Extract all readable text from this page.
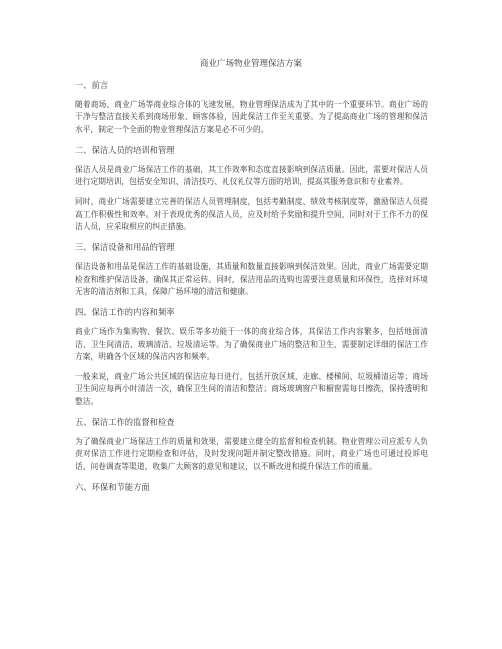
商业广场物业管理保洁方案

一、前言

随着商场、商业广场等商业综合体的飞速发展，物业管理保洁成为了其中的一个重要环节。商业广场的干净与整洁直接关系到商场形象、顾客体验，因此保洁工作至关重要。为了提高商业广场的管理和保洁水平，制定一个全面的物业管理保洁方案是必不可少的。

二、保洁人员的培训和管理

保洁人员是商业广场保洁工作的基础，其工作效率和态度直接影响到保洁质量。因此，需要对保洁人员进行定期培训，包括安全知识、清洁技巧、礼仪礼仪等方面的培训，提高其服务意识和专业素养。

同时，商业广场需要建立完善的保洁人员管理制度，包括考勤制度、绩效考核制度等，激励保洁人员提高工作积极性和效率。对于表现优秀的保洁人员，应及时给予奖励和提升空间，同时对于工作不力的保洁人员，应采取相应的纠正措施。

三、保洁设备和用品的管理

保洁设备和用品是保洁工作的基础设施，其质量和数量直接影响到保洁效果。因此，商业广场需要定期检查和维护保洁设备，确保其正常运转。同时，保洁用品的选购也需要注意质量和环保性，选择对环境无害的清洁剂和工具，保障广场环境的清洁和健康。

四、保洁工作的内容和频率

商业广场作为集购物、餐饮、娱乐等多功能于一体的商业综合体，其保洁工作内容繁多，包括地面清洁、卫生间清洁、玻璃清洁、垃圾清运等。为了确保商业广场的整洁和卫生，需要制定详细的保洁工作方案，明确各个区域的保洁内容和频率。

一般来说，商业广场公共区域的保洁应每日进行，包括开放区域、走廊、楼梯间、垃圾桶清运等；商场卫生间应每两小时清洁一次，确保卫生间的清洁和整洁；商场玻璃窗户和橱窗需每日擦洗，保持透明和整洁。

五、保洁工作的监督和检查

为了确保商业广场保洁工作的质量和效果，需要建立健全的监督和检查机制。物业管理公司应派专人负责对保洁工作进行定期检查和评估，及时发现问题并制定整改措施。同时，商业广场也可通过投诉电话、问卷调查等渠道，收集广大顾客的意见和建议，以不断改进和提升保洁工作的质量。

六、环保和节能方面
